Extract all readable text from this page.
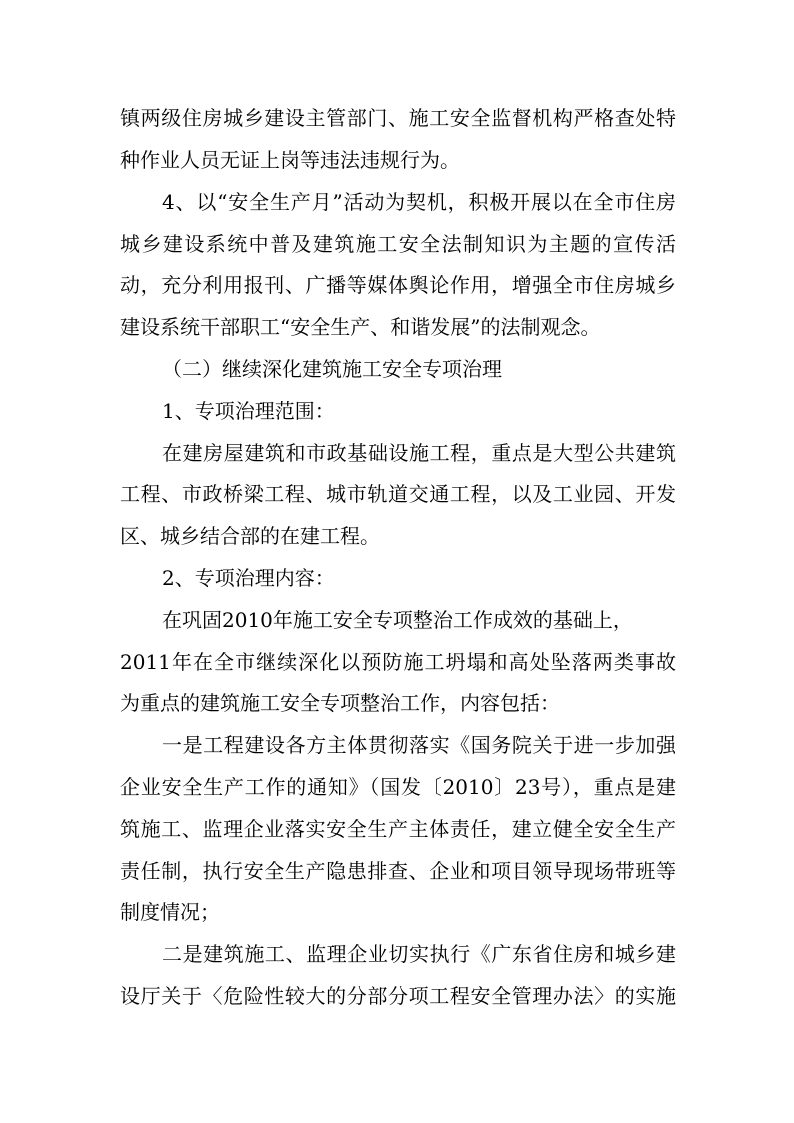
镇两级住房城乡建设主管部门、施工安全监督机构严格查处特
种作业人员无证上岗等违法违规行为。
4、以“安全生产月”活动为契机，积极开展以在全市住房
城乡建设系统中普及建筑施工安全法制知识为主题的宣传活
动，充分利用报刊、广播等媒体舆论作用，增强全市住房城乡
建设系统干部职工“安全生产、和谐发展”的法制观念。
（二）继续深化建筑施工安全专项治理
1、专项治理范围：
在建房屋建筑和市政基础设施工程，重点是大型公共建筑
工程、市政桥梁工程、城市轨道交通工程，以及工业园、开发
区、城乡结合部的在建工程。
2、专项治理内容：
在巩固2010年施工安全专项整治工作成效的基础上，
2011年在全市继续深化以预防施工坍塌和高处坠落两类事故
为重点的建筑施工安全专项整治工作，内容包括：
一是工程建设各方主体贯彻落实《国务院关于进一步加强
企业安全生产工作的通知》（国发〔2010〕23号），重点是建
筑施工、监理企业落实安全生产主体责任，建立健全安全生产
责任制，执行安全生产隐患排查、企业和项目领导现场带班等
制度情况；
二是建筑施工、监理企业切实执行《广东省住房和城乡建
设厅关于〈危险性较大的分部分项工程安全管理办法〉的实施
